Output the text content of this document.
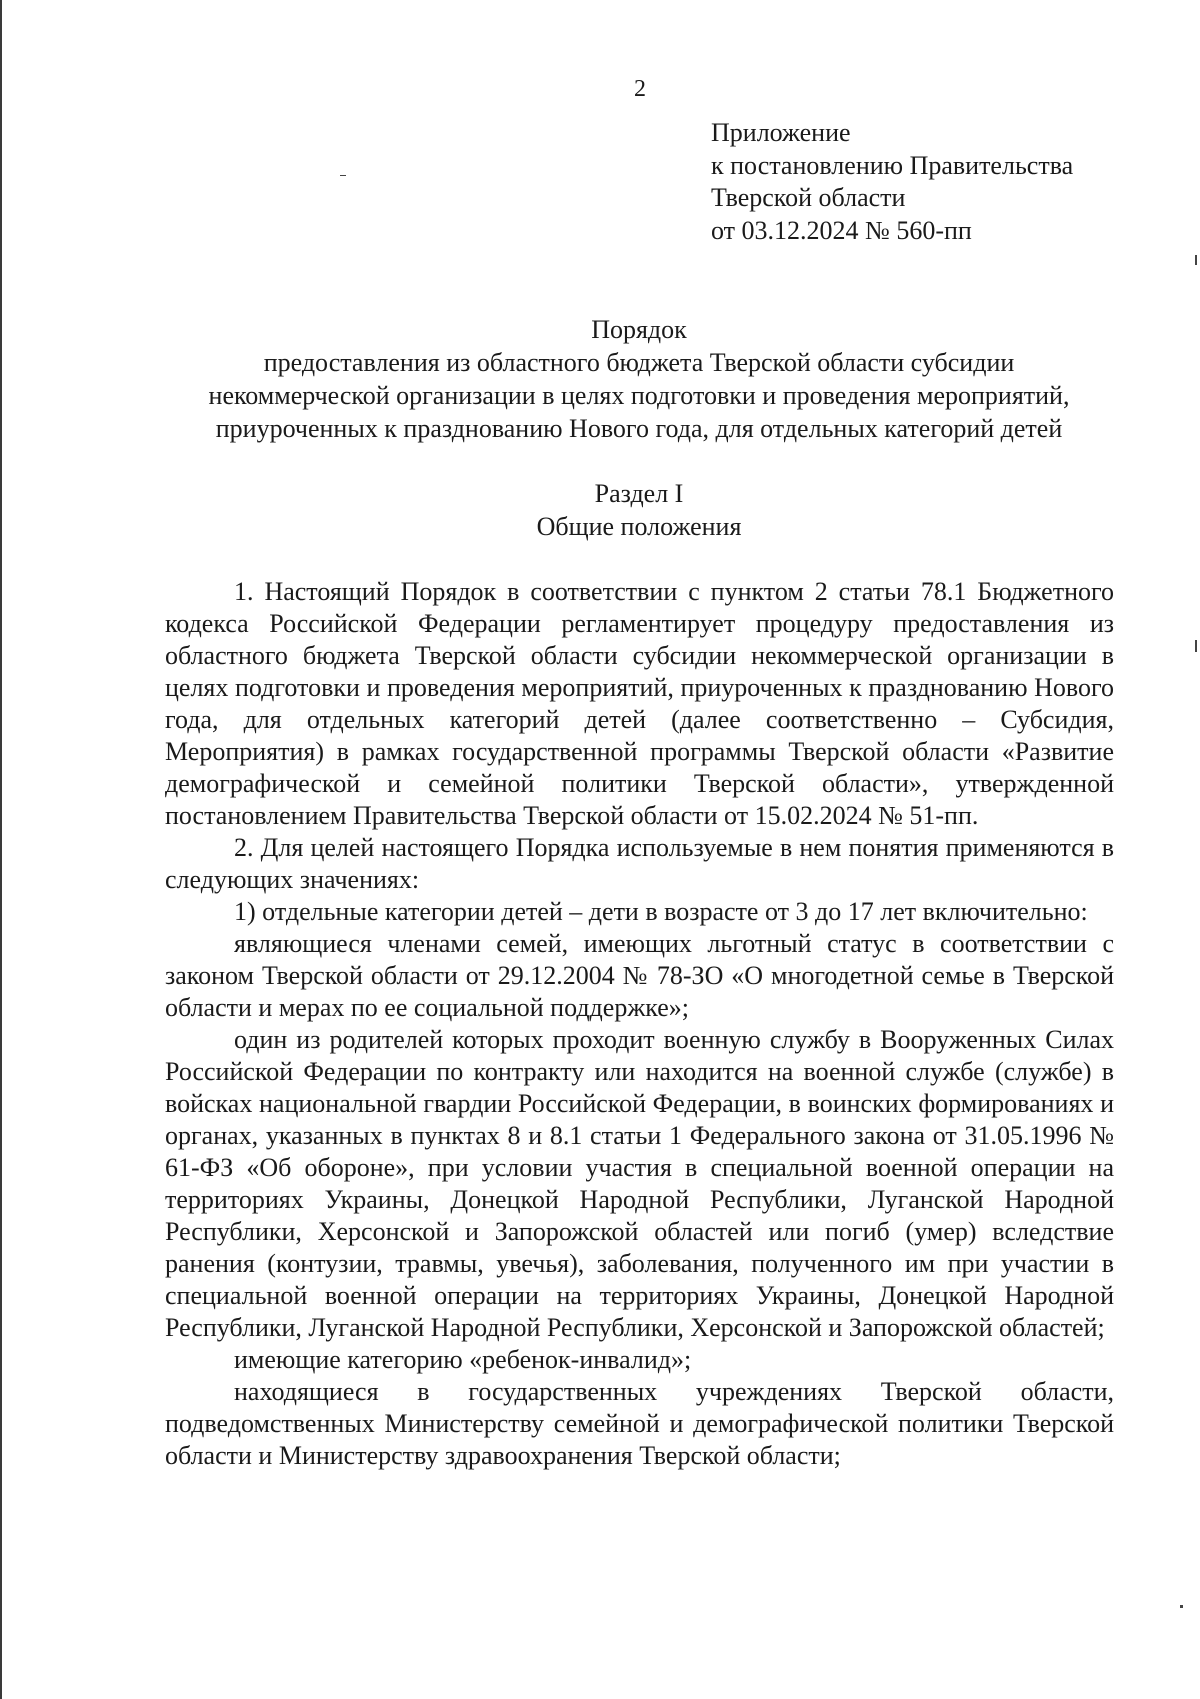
2
Приложение
к постановлению Правительства
Тверской области
от 03.12.2024 № 560-пп
Порядок
предоставления из областного бюджета Тверской области субсидии
некоммерческой организации в целях подготовки и проведения мероприятий,
приуроченных к празднованию Нового года, для отдельных категорий детей
Раздел I
Общие положения

1. Настоящий Порядок в соответствии с пунктом 2 статьи 78.1 Бюджетного кодекса Российской Федерации регламентирует процедуру предоставления из областного бюджета Тверской области субсидии некоммерческой организации в целях подготовки и проведения мероприятий, приуроченных к празднованию Нового года, для отдельных категорий детей (далее соответственно – Субсидия, Мероприятия) в рамках государственной программы Тверской области «Развитие демографической и семейной политики Тверской области», утвержденной постановлением Правительства Тверской области от 15.02.2024 № 51-пп.

2. Для целей настоящего Порядка используемые в нем понятия применяются в следующих значениях:

1) отдельные категории детей – дети в возрасте от 3 до 17 лет включительно:

являющиеся членами семей, имеющих льготный статус в соответствии с законом Тверской области от 29.12.2004 № 78-ЗО «О многодетной семье в Тверской области и мерах по ее социальной поддержке»;

один из родителей которых проходит военную службу в Вооруженных Силах Российской Федерации по контракту или находится на военной службе (службе) в войсках национальной гвардии Российской Федерации, в воинских формированиях и органах, указанных в пунктах 8 и 8.1 статьи 1 Федерального закона от 31.05.1996 № 61-ФЗ «Об обороне», при условии участия в специальной военной операции на территориях Украины, Донецкой Народной Республики, Луганской Народной Республики, Херсонской и Запорожской областей или погиб (умер) вследствие ранения (контузии, травмы, увечья), заболевания, полученного им при участии в специальной военной операции на территориях Украины, Донецкой Народной Республики, Луганской Народной Республики, Херсонской и Запорожской областей;

имеющие категорию «ребенок-инвалид»;

находящиеся в государственных учреждениях Тверской области, подведомственных Министерству семейной и демографической политики Тверской области и Министерству здравоохранения Тверской области;
